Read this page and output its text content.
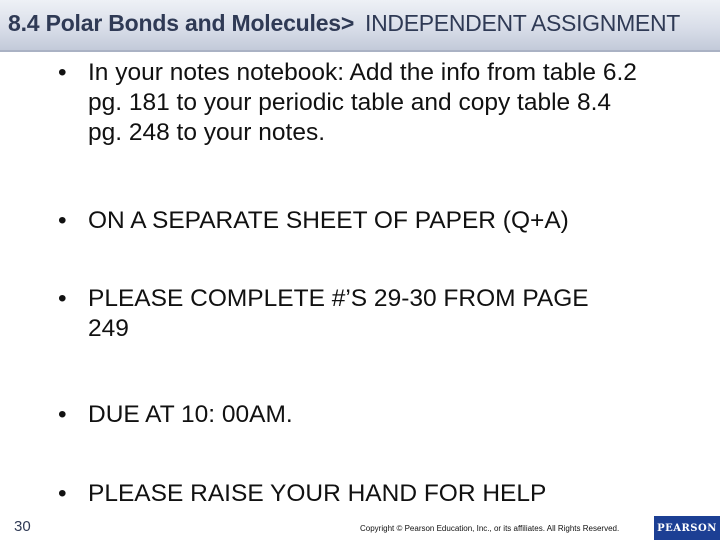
8.4 Polar Bonds and Molecules> INDEPENDENT ASSIGNMENT
• In your notes notebook: Add the info from table 6.2 pg. 181 to your periodic table and copy table 8.4 pg. 248 to your notes.
• ON A SEPARATE SHEET OF PAPER (Q+A)
• PLEASE COMPLETE #’S 29-30 FROM PAGE 249
• DUE AT 10: 00AM.
• PLEASE RAISE YOUR HAND FOR HELP
30	Copyright © Pearson Education, Inc., or its affiliates. All Rights Reserved.	PEARSON
